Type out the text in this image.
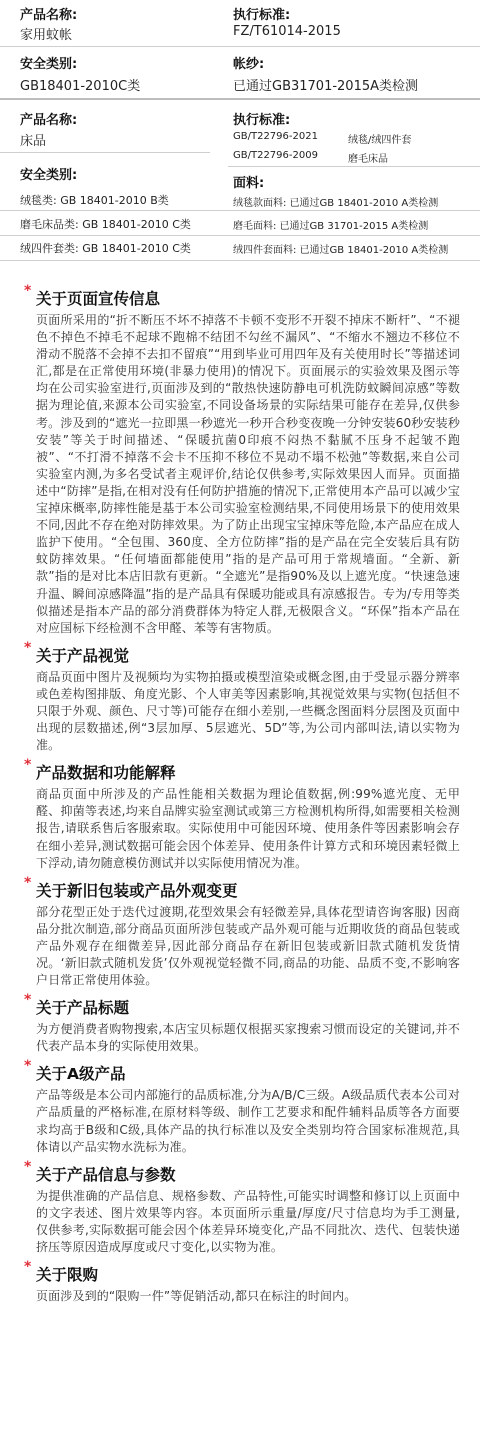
产品名称:
家用蚊帐
执行标准:
FZ/T61014-2015
安全类别:
GB18401-2010C类
帐纱:
已通过GB31701-2015A类检测
产品名称:
床品
执行标准:
GB/T22796-2021	绒毯/绒四件套
GB/T22796-2009	磨毛床品
安全类别:
面料:
绒毯类: GB 18401-2010 B类	绒毯款面料: 已通过GB 18401-2010 A类检测
磨毛床品类: GB 18401-2010 C类	磨毛面料: 已通过GB 31701-2015 A类检测
绒四件套类: GB 18401-2010 C类	绒四件套面料: 已通过GB 18401-2010 A类检测
* 关于页面宣传信息

页面所采用的“折不断压不坏不掉落不卡顿不变形不开裂不掉床不断杆”、“不褪色不掉色不掉毛不起球不跑棉不结团不勾丝不漏风”、“不缩水不翘边不移位不滑动不脱落不会掉不去扣不留痕”“用到毕业可用四年及有关使用时长”等描述词汇,都是在正常使用环境(非暴力使用)的情况下。页面展示的实验效果及图示等均在公司实验室进行,页面涉及到的“散热快速防静电可机洗防蚊瞬间凉感”等数据为理论值,来源本公司实验室,不同设备场景的实际结果可能存在差异,仅供参考。涉及到的“遮光一拉即黑一秒遮光一秒开合秒变夜晚一分钟安装60秒安装秒安装”等关于时间描述、“保暖抗菌0印痕不闷热不黏腻不压身不起皱不跑被”、“不打滑不掉落不会卡不压抑不移位不晃动不塌不松弛”等数据,来自公司实验室内测,为多名受试者主观评价,结论仅供参考,实际效果因人而异。页面描述中“防摔”是指,在相对没有任何防护措施的情况下,正常使用本产品可以减少宝宝掉床概率,防摔性能是基于本公司实验室检测结果,不同使用场景下的使用效果不同,因此不存在绝对防摔效果。为了防止出现宝宝掉床等危险,本产品应在成人监护下使用。“全包围、360度、全方位防摔”指的是产品在完全安装后具有防蚊防摔效果。“任何墙面都能使用”指的是产品可用于常规墙面。“全新、新款”指的是对比本店旧款有更新。“全遮光”是指90%及以上遮光度。“快速急速升温、瞬间凉感降温”指的是产品具有保暖功能或具有凉感报告。专为/专用等类似描述是指本产品的部分消费群体为特定人群,无极限含义。“环保”指本产品在对应国标下经检测不含甲醛、苯等有害物质。

* 关于产品视觉

商品页面中图片及视频均为实物拍摄或模型渲染或概念图,由于受显示器分辨率或色差构图排版、角度光影、个人审美等因素影响,其视觉效果与实物(包括但不只限于外观、颜色、尺寸等)可能存在细小差别,一些概念图面料分层图及页面中出现的层数描述,例“3层加厚、5层遮光、5D”等,为公司内部叫法,请以实物为准。

* 产品数据和功能解释

商品页面中所涉及的产品性能相关数据为理论值数据,例:99%遮光度、无甲醛、抑菌等表述,均来自品牌实验室测试或第三方检测机构所得,如需要相关检测报告,请联系售后客服索取。实际使用中可能因环境、使用条件等因素影响会存在细小差异,测试数据可能会因个体差异、使用条件计算方式和环境因素轻微上下浮动,请勿随意模仿测试并以实际使用情况为准。

* 关于新旧包装或产品外观变更

部分花型正处于迭代过渡期,花型效果会有轻微差异,具体花型请咨询客服) 因商品分批次制造,部分商品页面所涉包装或产品外观可能与近期收货的商品包装或产品外观存在细微差异,因此部分商品存在新旧包装或新旧款式随机发货情况。‘新旧款式随机发货’仅外观视觉轻微不同,商品的功能、品质不变,不影响客户日常正常使用体验。

* 关于产品标题

为方便消费者购物搜索,本店宝贝标题仅根据买家搜索习惯而设定的关键词,并不代表产品本身的实际使用效果。

* 关于A级产品

产品等级是本公司内部施行的品质标准,分为A/B/C三级。A级品质代表本公司对产品质量的严格标准,在原材料等级、制作工艺要求和配件辅料品质等各方面要求均高于B级和C级,具体产品的执行标准以及安全类别均符合国家标准规范,具体请以产品实物水洗标为准。

* 关于产品信息与参数

为提供准确的产品信息、规格参数、产品特性,可能实时调整和修订以上页面中的文字表述、图片效果等内容。本页面所示重量/厚度/尺寸信息均为手工测量,仅供参考,实际数据可能会因个体差异环境变化,产品不同批次、迭代、包装快递挤压等原因造成厚度或尺寸变化,以实物为准。

* 关于限购

页面涉及到的“限购一件”等促销活动,都只在标注的时间内。
